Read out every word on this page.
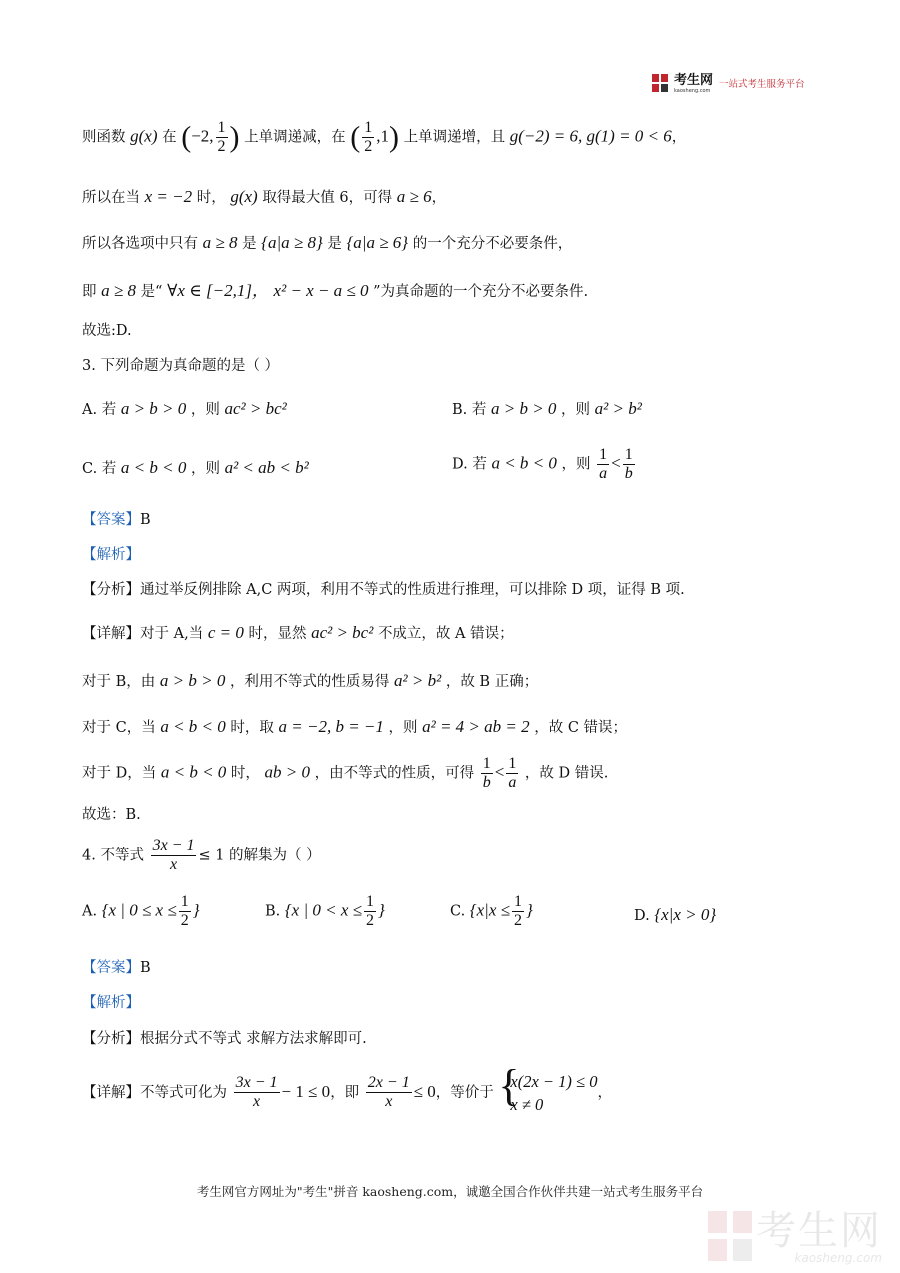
考生网
kaosheng.com
一站式考生服务平台
则函数 g(x) 在 (−2, $\frac{1}{2}$ ) 上单调递减，在 ( $\frac{1}{2} ,1$) 上单调递增，且 g(−2) = 6, g(1) = 0 < 6，
所以在当 x = −2 时， g(x) 取得最大值 6，可得 a ≥ 6，
所以各选项中只有 a ≥ 8 是 {a|a ≥ 8} 是 {a|a ≥ 6} 的一个充分不必要条件，
即 a ≥ 8 是“ ∀x ∈ [−2,1]， x² − x − a ≤ 0 ”为真命题的一个充分不必要条件.
故选:D.
3. 下列命题为真命题的是（ ）
A. 若 a > b > 0 ，则 ac² > bc²	B. 若 a > b > 0 ，则 a² > b²
C. 若 a < b < 0 ，则 a² < ab < b²	D. 若 a < b < 0 ，则 $\frac{1}{a} < \frac{1}{b}$
【答案】B
【解析】
【分析】通过举反例排除 A,C 两项，利用不等式的性质进行推理，可以排除 D 项，证得 B 项.
【详解】对于 A,当 c = 0 时，显然 ac² > bc² 不成立，故 A 错误；
对于 B，由 a > b > 0 ，利用不等式的性质易得 a² > b² ，故 B 正确；
对于 C，当 a < b < 0 时，取 a = −2, b = −1 ，则 a² = 4 > ab = 2 ，故 C 错误；
对于 D，当 a < b < 0 时， ab > 0 ，由不等式的性质，可得 $\frac{1}{b} < \frac{1}{a}$ ，故 D 错误.
故选：B.
4. 不等式 $\frac{3x - 1}{x} \le 1$ 的解集为（ ）
A. {x | $0 \le x \le \frac{1}{2}$ }	B. {x | $0 < x \le \frac{1}{2}$ }	C. {$x|x \le \frac{1}{2}$ }	D. {x|x > 0}
【答案】B
【解析】
【分析】根据分式不等式 求解方法求解即可.
【详解】不等式可化为 $\frac{3x - 1}{x} - 1 \le 0$，即 $\frac{2x - 1}{x} \le 0$，等价于 {
x(2x − 1) ≤ 0
x ≠ 0
，
考生网官方网址为"考生"拼音 kaosheng.com，诚邀全国合作伙伴共建一站式考生服务平台
考生网
kaosheng.com
